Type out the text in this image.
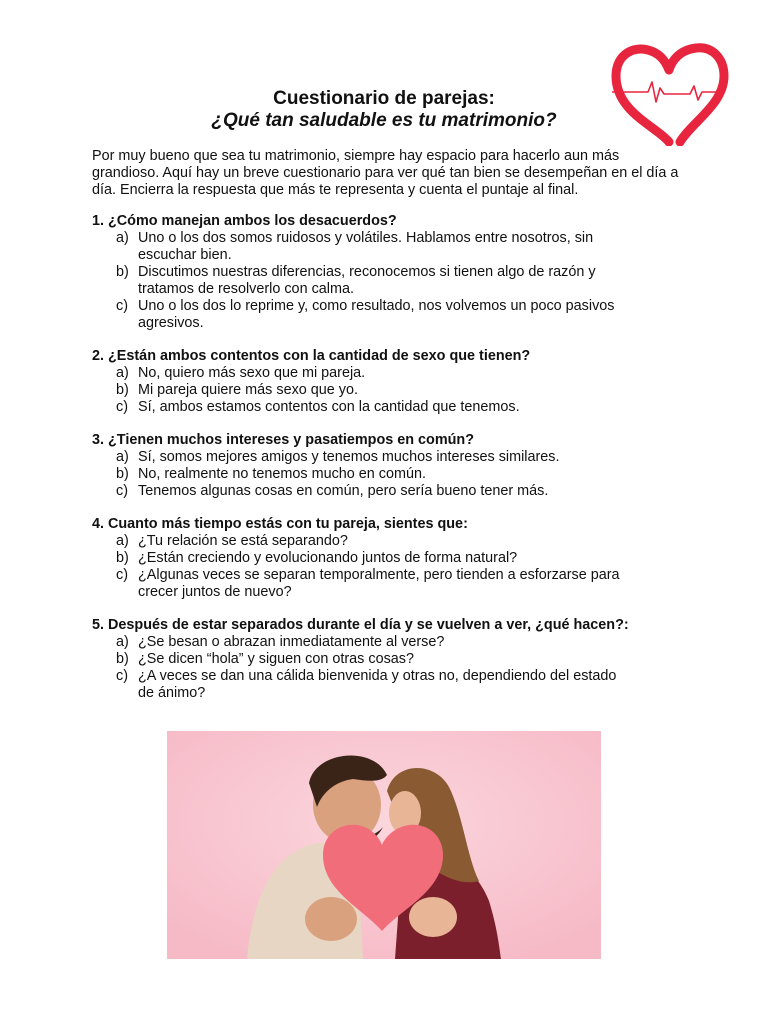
Cuestionario de parejas:
¿Qué tan saludable es tu matrimonio?
Por muy bueno que sea tu matrimonio, siempre hay espacio para hacerlo aun más grandioso. Aquí hay un breve cuestionario para ver qué tan bien se desempeñan en el día a día. Encierra la respuesta que más te representa y cuenta el puntaje al final.
1. ¿Cómo manejan ambos los desacuerdos?
a) Uno o los dos somos ruidosos y volátiles. Hablamos entre nosotros, sin escuchar bien.
b) Discutimos nuestras diferencias, reconocemos si tienen algo de razón y tratamos de resolverlo con calma.
c) Uno o los dos lo reprime y, como resultado, nos volvemos un poco pasivos agresivos.
2. ¿Están ambos contentos con la cantidad de sexo que tienen?
a) No, quiero más sexo que mi pareja.
b) Mi pareja quiere más sexo que yo.
c) Sí, ambos estamos contentos con la cantidad que tenemos.
3. ¿Tienen muchos intereses y pasatiempos en común?
a) Sí, somos mejores amigos y tenemos muchos intereses similares.
b) No, realmente no tenemos mucho en común.
c) Tenemos algunas cosas en común, pero sería bueno tener más.
4. Cuanto más tiempo estás con tu pareja, sientes que:
a) ¿Tu relación se está separando?
b) ¿Están creciendo y evolucionando juntos de forma natural?
c) ¿Algunas veces se separan temporalmente, pero tienden a esforzarse para crecer juntos de nuevo?
5. Después de estar separados durante el día y se vuelven a ver, ¿qué hacen?:
a) ¿Se besan o abrazan inmediatamente al verse?
b) ¿Se dicen “hola” y siguen con otras cosas?
c) ¿A veces se dan una cálida bienvenida y otras no, dependiendo del estado de ánimo?
